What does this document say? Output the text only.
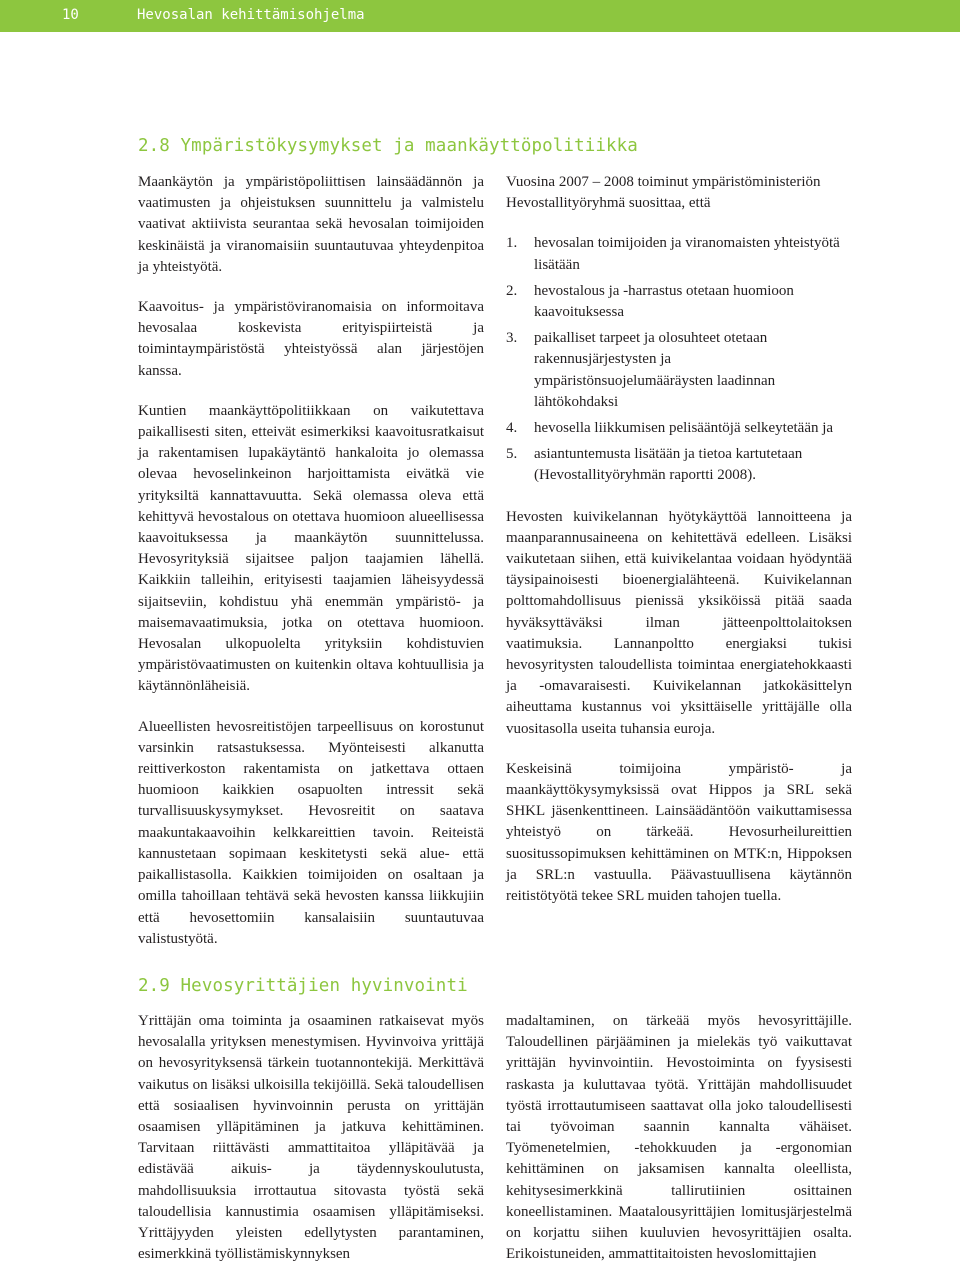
10	Hevosalan kehittämisohjelma
2.8 Ympäristökysymykset ja maankäyttöpolitiikka

Maankäytön ja ympäristöpoliittisen lainsäädännön ja vaatimusten ja ohjeistuksen suunnittelu ja valmistelu vaativat aktiivista seurantaa sekä hevosalan toimijoiden keskinäistä ja viranomaisiin suuntautuvaa yhteydenpitoa ja yhteistyötä.

Kaavoitus- ja ympäristöviranomaisia on informoitava hevosalaa koskevista erityispiirteistä ja toimintaympäristöstä yhteistyössä alan järjestöjen kanssa.

Kuntien maankäyttöpolitiikkaan on vaikutettava paikallisesti siten, etteivät esimerkiksi kaavoitusratkaisut ja rakentamisen lupakäytäntö hankaloita jo olemassa olevaa hevoselinkeinon harjoittamista eivätkä vie yrityksiltä kannattavuutta. Sekä olemassa oleva että kehittyvä hevostalous on otettava huomioon alueellisessa kaavoituksessa ja maankäytön suunnittelussa. Hevosyrityksiä sijaitsee paljon taajamien lähellä. Kaikkiin talleihin, erityisesti taajamien läheisyydessä sijaitseviin, kohdistuu yhä enemmän ympäristö- ja maisemavaatimuksia, jotka on otettava huomioon. Hevosalan ulkopuolelta yrityksiin kohdistuvien ympäristövaatimusten on kuitenkin oltava kohtuullisia ja käytännönläheisiä.

Alueellisten hevosreitistöjen tarpeellisuus on korostunut varsinkin ratsastuksessa. Myönteisesti alkanutta reittiverkoston rakentamista on jatkettava ottaen huomioon kaikkien osapuolten intressit sekä turvallisuuskysymykset. Hevosreitit on saatava maakuntakaavoihin kelkkareittien tavoin. Reiteistä kannustetaan sopimaan keskitetysti sekä alue- että paikallistasolla. Kaikkien toimijoiden on osaltaan ja omilla tahoillaan tehtävä sekä hevosten kanssa liikkujiin että hevosettomiin kansalaisiin suuntautuvaa valistustyötä.

Vuosina 2007 – 2008 toiminut ympäristöministeriön Hevostallityöryhmä suosittaa, että

1. hevosalan toimijoiden ja viranomaisten yhteistyötä lisätään
2. hevostalous ja -harrastus otetaan huomioon kaavoituksessa
3. paikalliset tarpeet ja olosuhteet otetaan rakennusjärjestysten ja ympäristönsuojelumääräysten laadinnan lähtökohdaksi
4. hevosella liikkumisen pelisääntöjä selkeytetään ja
5. asiantuntemusta lisätään ja tietoa kartutetaan (Hevostallityöryhmän raportti 2008).

Hevosten kuivikelannan hyötykäyttöä lannoitteena ja maanparannusaineena on kehitettävä edelleen. Lisäksi vaikutetaan siihen, että kuivikelantaa voidaan hyödyntää täysipainoisesti bioenergialähteenä. Kuivikelannan polttomahdollisuus pienissä yksiköissä pitää saada hyväksyttäväksi ilman jätteenpolttolaitoksen vaatimuksia. Lannanpoltto energiaksi tukisi hevosyritysten taloudellista toimintaa energiatehokkaasti ja -omavaraisesti. Kuivikelannan jatkokäsittelyn aiheuttama kustannus voi yksittäiselle yrittäjälle olla vuositasolla useita tuhansia euroja.

Keskeisinä toimijoina ympäristö- ja maankäyttökysymyksissä ovat Hippos ja SRL sekä SHKL jäsenkenttineen. Lainsäädäntöön vaikuttamisessa yhteistyö on tärkeää. Hevosurheilureittien suositussopimuksen kehittäminen on MTK:n, Hippoksen ja SRL:n vastuulla. Päävastuullisena käytännön reitistötyötä tekee SRL muiden tahojen tuella.

2.9 Hevosyrittäjien hyvinvointi

Yrittäjän oma toiminta ja osaaminen ratkaisevat myös hevosalalla yrityksen menestymisen. Hyvinvoiva yrittäjä on hevosyrityksensä tärkein tuotannontekijä. Merkittävä vaikutus on lisäksi ulkoisilla tekijöillä. Sekä taloudellisen että sosiaalisen hyvinvoinnin perusta on yrittäjän osaamisen ylläpitäminen ja jatkuva kehittäminen. Tarvitaan riittävästi ammattitaitoa ylläpitävää ja edistävää aikuis- ja täydennyskoulutusta, mahdollisuuksia irrottautua sitovasta työstä sekä taloudellisia kannustimia osaamisen ylläpitämiseksi. Yrittäjyyden yleisten edellytysten parantaminen, esimerkkinä työllistämiskynnyksen

madaltaminen, on tärkeää myös hevosyrittäjille. Taloudellinen pärjääminen ja mielekäs työ vaikuttavat yrittäjän hyvinvointiin. Hevostoiminta on fyysisesti raskasta ja kuluttavaa työtä. Yrittäjän mahdollisuudet työstä irrottautumiseen saattavat olla joko taloudellisesti tai työvoiman saannin kannalta vähäiset. Työmenetelmien, -tehokkuuden ja -ergonomian kehittäminen on jaksamisen kannalta oleellista, kehitysesimerkkinä tallirutiinien osittainen koneellistaminen. Maatalousyrittäjien lomitusjärjestelmä on korjattu siihen kuuluvien hevosyrittäjien osalta. Erikoistuneiden, ammattitaitoisten hevoslomittajien
